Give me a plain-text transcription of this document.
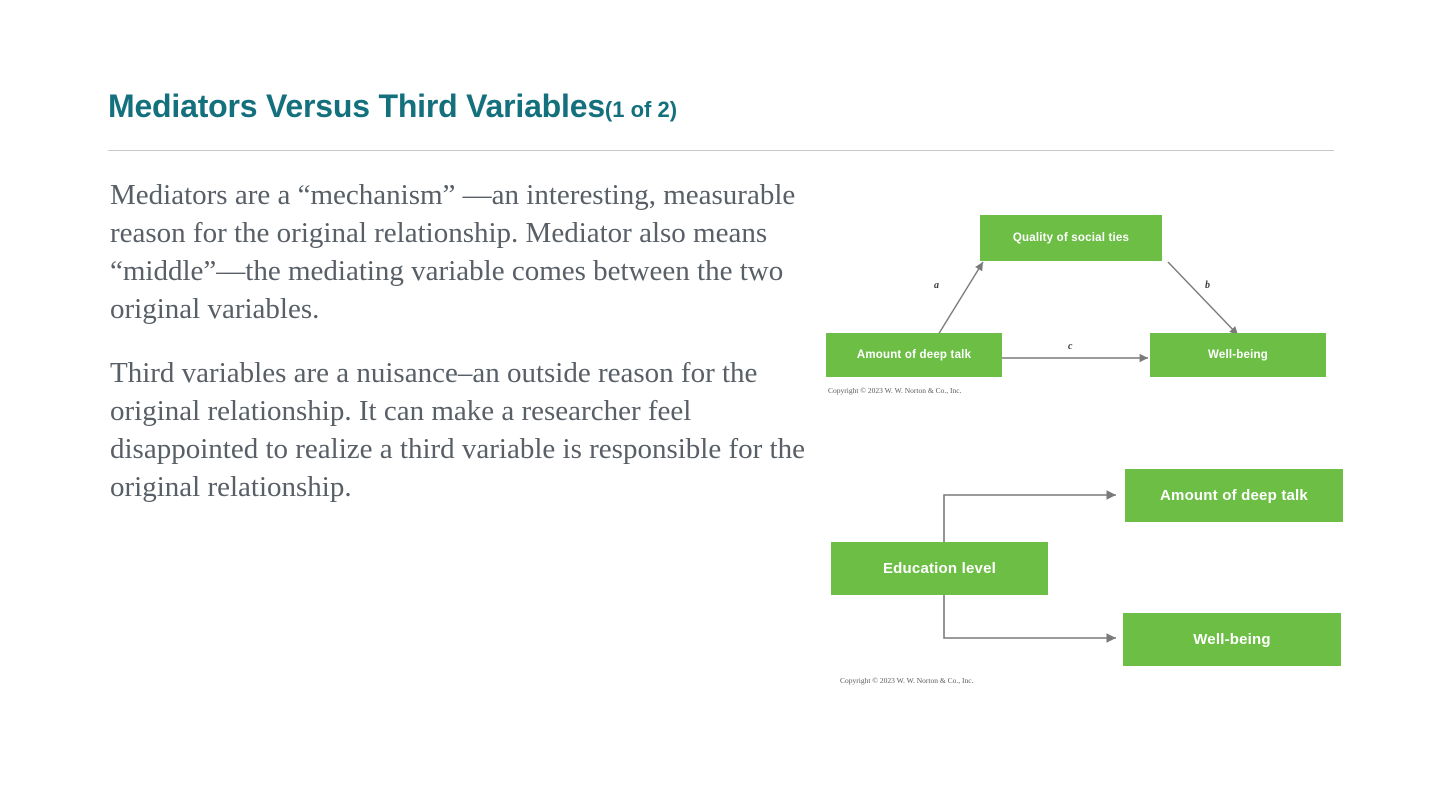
Mediators Versus Third Variables(1 of 2)

Mediators are a “mechanism” —an interesting, measurable reason for the original relationship. Mediator also means “middle”—the mediating variable comes between the two original variables.

Third variables are a nuisance–an outside reason for the original relationship. It can make a researcher feel disappointed to realize a third variable is responsible for the original relationship.

Quality of social ties
Amount of deep talk	Well-being
a	b
c
Copyright © 2023 W. W. Norton & Co., Inc.
Amount of deep talk
Education level
Well-being
Copyright © 2023 W. W. Norton & Co., Inc.
